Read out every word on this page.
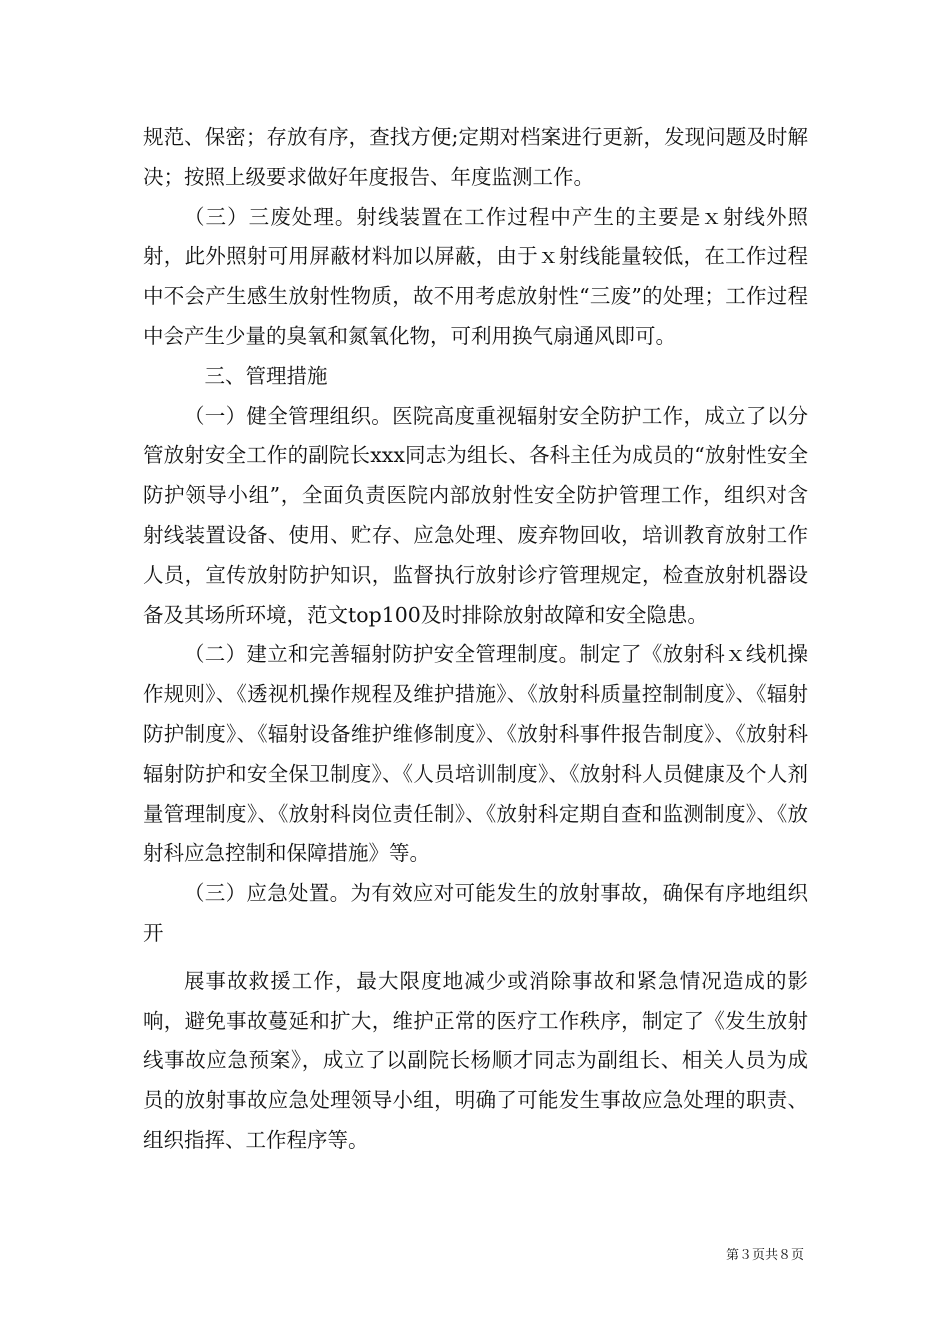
规范、保密；存放有序，查找方便;定期对档案进行更新，发现问题及时解决；按照上级要求做好年度报告、年度监测工作。

（三）三废处理。射线装置在工作过程中产生的主要是ｘ射线外照射，此外照射可用屏蔽材料加以屏蔽，由于ｘ射线能量较低，在工作过程中不会产生感生放射性物质，故不用考虑放射性“三废”的处理；工作过程中会产生少量的臭氧和氮氧化物，可利用换气扇通风即可。

三、管理措施

（一）健全管理组织。医院高度重视辐射安全防护工作，成立了以分管放射安全工作的副院长xxx同志为组长、各科主任为成员的“放射性安全防护领导小组”，全面负责医院内部放射性安全防护管理工作，组织对含射线装置设备、使用、贮存、应急处理、废弃物回收，培训教育放射工作人员，宣传放射防护知识，监督执行放射诊疗管理规定，检查放射机器设备及其场所环境，范文top100及时排除放射故障和安全隐患。

（二）建立和完善辐射防护安全管理制度。制定了《放射科ｘ线机操作规则》、《透视机操作规程及维护措施》、《放射科质量控制制度》、《辐射防护制度》、《辐射设备维护维修制度》、《放射科事件报告制度》、《放射科辐射防护和安全保卫制度》、《人员培训制度》、《放射科人员健康及个人剂量管理制度》、《放射科岗位责任制》、《放射科定期自查和监测制度》、《放射科应急控制和保障措施》等。

（三）应急处置。为有效应对可能发生的放射事故，确保有序地组织开

展事故救援工作，最大限度地减少或消除事故和紧急情况造成的影响，避免事故蔓延和扩大，维护正常的医疗工作秩序，制定了《发生放射线事故应急预案》，成立了以副院长杨顺才同志为副组长、相关人员为成员的放射事故应急处理领导小组，明确了可能发生事故应急处理的职责、组织指挥、工作程序等。

第３页共８页
